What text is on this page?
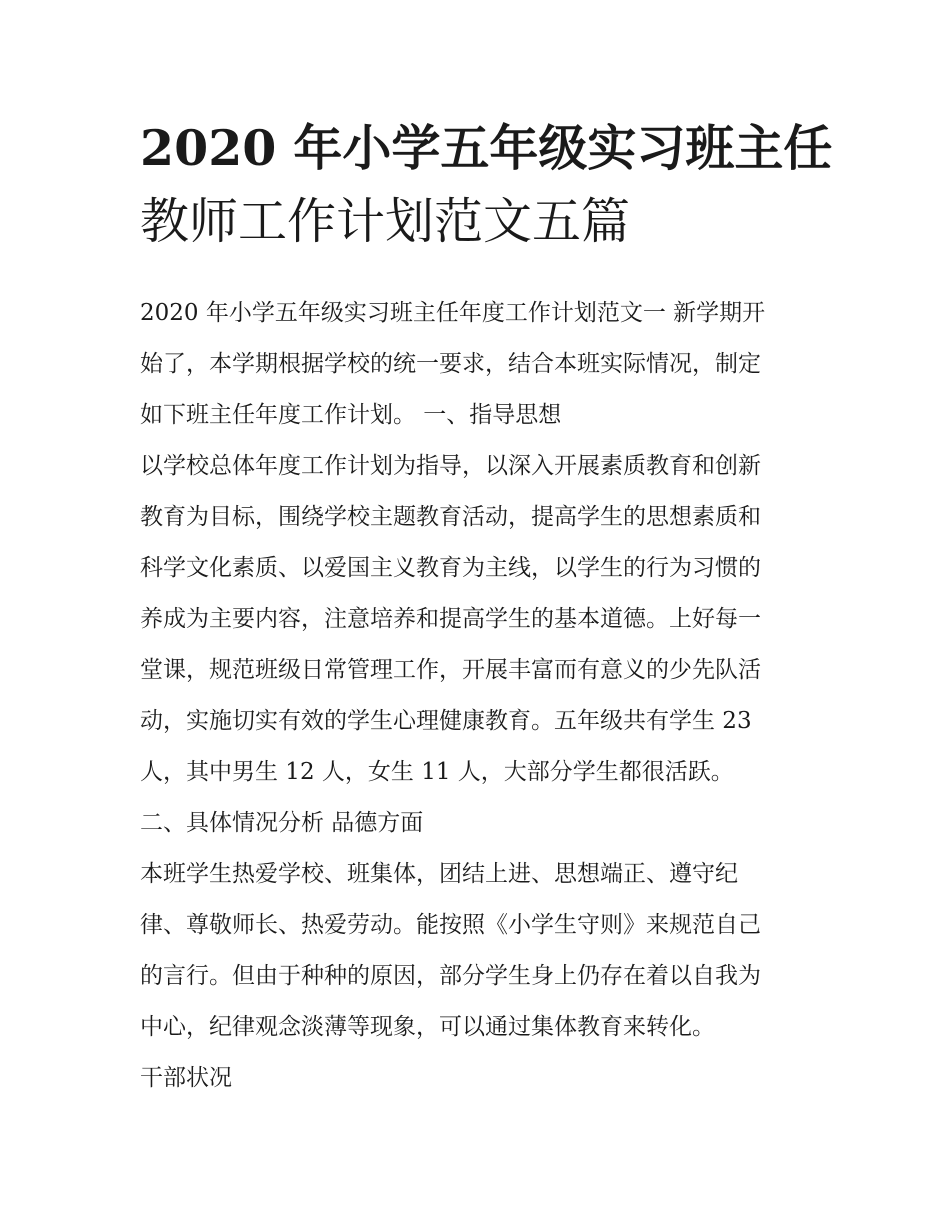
2020 年小学五年级实习班主任
教师工作计划范文五篇
2020 年小学五年级实习班主任年度工作计划范文一 新学期开
始了，本学期根据学校的统一要求，结合本班实际情况，制定
如下班主任年度工作计划。 一、指导思想
以学校总体年度工作计划为指导，以深入开展素质教育和创新
教育为目标，围绕学校主题教育活动，提高学生的思想素质和
科学文化素质、以爱国主义教育为主线，以学生的行为习惯的
养成为主要内容，注意培养和提高学生的基本道德。上好每一
堂课，规范班级日常管理工作，开展丰富而有意义的少先队活
动，实施切实有效的学生心理健康教育。五年级共有学生 23
人，其中男生 12 人，女生 11 人，大部分学生都很活跃。
二、具体情况分析 品德方面
本班学生热爱学校、班集体，团结上进、思想端正、遵守纪
律、尊敬师长、热爱劳动。能按照《小学生守则》来规范自己
的言行。但由于种种的原因，部分学生身上仍存在着以自我为
中心，纪律观念淡薄等现象，可以通过集体教育来转化。
干部状况
